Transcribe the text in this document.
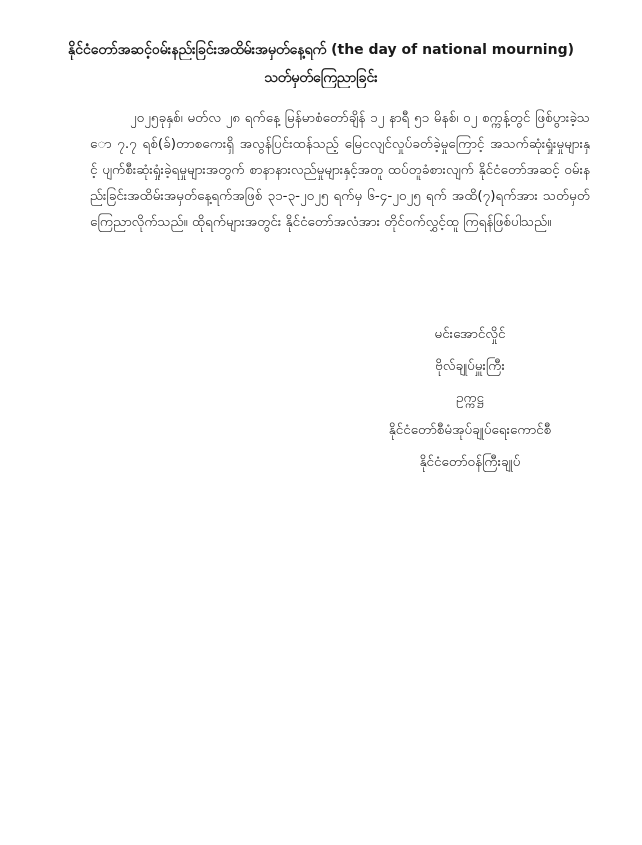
နိုင်ငံတော်အဆင့်ဝမ်းနည်းခြင်းအထိမ်းအမှတ်နေ့ရက် (the day of national mourning)
သတ်မှတ်ကြေညာခြင်း
၂၀၂၅ခုနှစ်၊ မတ်လ ၂၈ ရက်နေ့ မြန်မာစံတော်ချိန် ၁၂ နာရီ ၅၁ မိနစ်၊ ၀၂ စက္ကန့်တွင် ဖြစ်ပွားခဲ့သော ၇.၇ ရစ်(ခ်)တာစကေးရှိ အလွန်ပြင်းထန်သည့် မြေငလျင်လှုပ်ခတ်ခဲ့မှုကြောင့် အသက်ဆုံးရှုံးမှုများနှင့် ပျက်စီးဆုံးရှုံးခဲ့ရမှုများအတွက် စာနာနားလည်မှုများနှင့်အတူ ထပ်တူခံစားလျက် နိုင်ငံတော်အဆင့် ဝမ်းနည်းခြင်းအထိမ်းအမှတ်နေ့ရက်အဖြစ် ၃၁-၃-၂၀၂၅ ရက်မှ ၆-၄-၂၀၂၅ ရက် အထိ(၇)ရက်အား သတ်မှတ်ကြေညာလိုက်သည်။ ထိုရက်များအတွင်း နိုင်ငံတော်အလံအား တိုင်ဝက်လွှင့်ထူ ကြရန်ဖြစ်ပါသည်။
မင်းအောင်လှိုင်
ဗိုလ်ချုပ်မှူးကြီး
ဥက္ကဋ္ဌ
နိုင်ငံတော်စီမံအုပ်ချုပ်ရေးကောင်စီ
နိုင်ငံတော်ဝန်ကြီးချုပ်
